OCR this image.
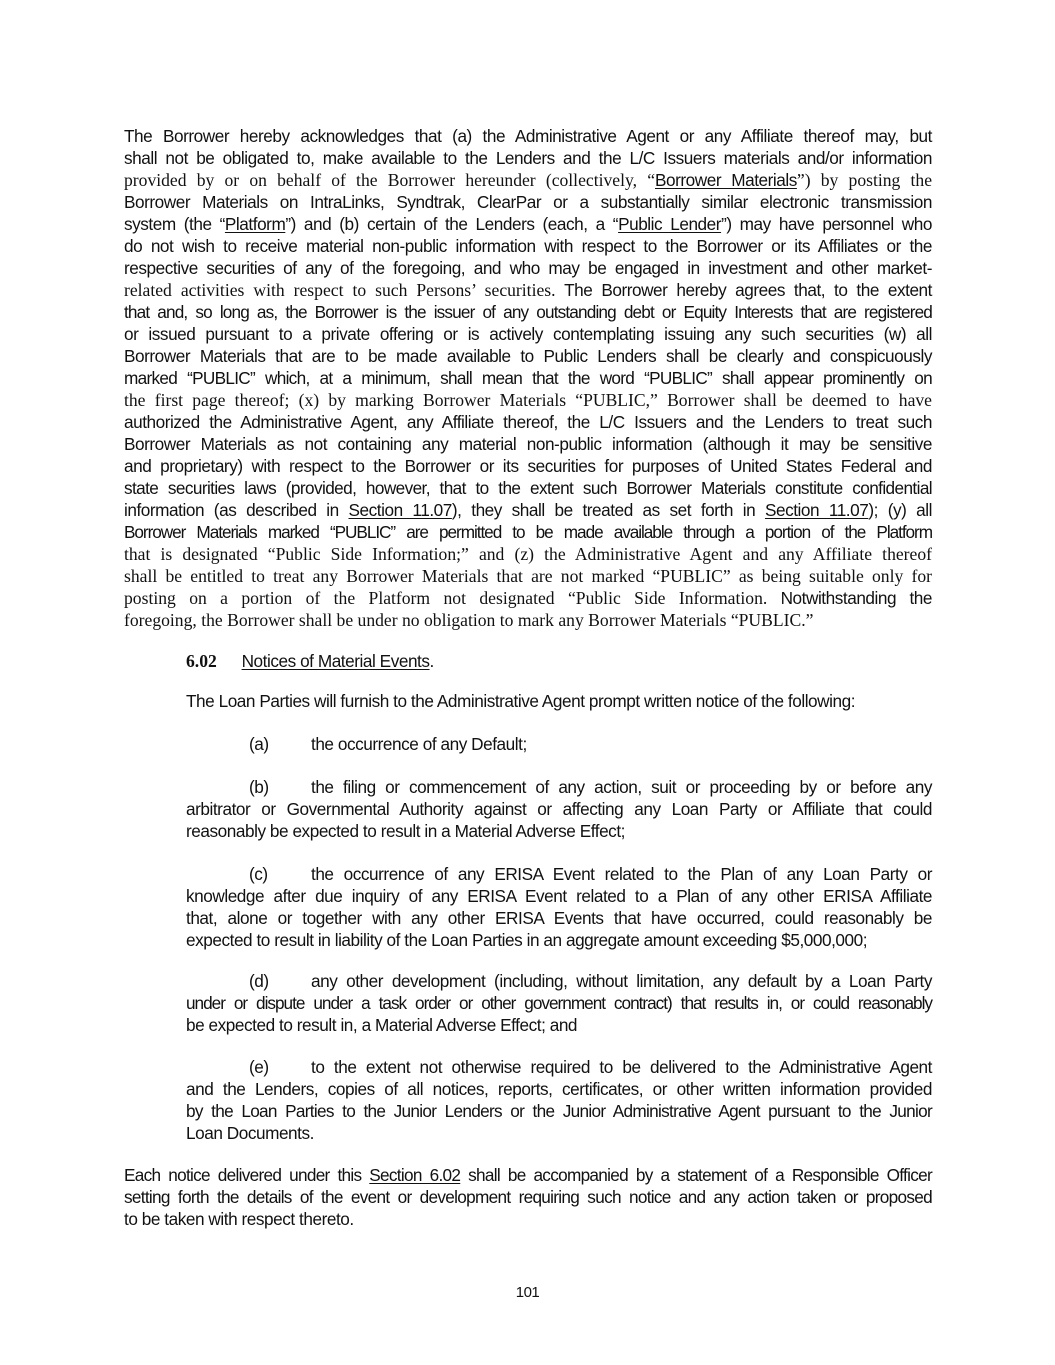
The Borrower hereby acknowledges that (a) the Administrative Agent or any Affiliate thereof may, but
shall not be obligated to, make available to the Lenders and the L/C Issuers materials and/or information
provided by or on behalf of the Borrower hereunder (collectively, “Borrower Materials”) by posting the
Borrower Materials on IntraLinks, Syndtrak, ClearPar or a substantially similar electronic transmission
system (the “Platform”) and (b) certain of the Lenders (each, a “Public Lender”) may have personnel who
do not wish to receive material non-public information with respect to the Borrower or its Affiliates or the
respective securities of any of the foregoing, and who may be engaged in investment and other market-
related activities with respect to such Persons’ securities. The Borrower hereby agrees that, to the extent
that and, so long as, the Borrower is the issuer of any outstanding debt or Equity Interests that are registered
or issued pursuant to a private offering or is actively contemplating issuing any such securities (w) all
Borrower Materials that are to be made available to Public Lenders shall be clearly and conspicuously
marked “PUBLIC” which, at a minimum, shall mean that the word “PUBLIC” shall appear prominently on
the first page thereof; (x) by marking Borrower Materials “PUBLIC,” Borrower shall be deemed to have
authorized the Administrative Agent, any Affiliate thereof, the L/C Issuers and the Lenders to treat such
Borrower Materials as not containing any material non-public information (although it may be sensitive
and proprietary) with respect to the Borrower or its securities for purposes of United States Federal and
state securities laws (provided, however, that to the extent such Borrower Materials constitute confidential
information (as described in Section 11.07), they shall be treated as set forth in Section 11.07); (y) all
Borrower Materials marked “PUBLIC” are permitted to be made available through a portion of the Platform
that is designated “Public Side Information;” and (z) the Administrative Agent and any Affiliate thereof
shall be entitled to treat any Borrower Materials that are not marked “PUBLIC” as being suitable only for
posting on a portion of the Platform not designated “Public Side Information. Notwithstanding the
foregoing, the Borrower shall be under no obligation to mark any Borrower Materials “PUBLIC.”
6.02 Notices of Material Events.
The Loan Parties will furnish to the Administrative Agent prompt written notice of the following:
(a) the occurrence of any Default;
(b) the filing or commencement of any action, suit or proceeding by or before any
arbitrator or Governmental Authority against or affecting any Loan Party or Affiliate that could
reasonably be expected to result in a Material Adverse Effect;
(c)	the occurrence of any ERISA Event related to the Plan of any Loan Party or
knowledge after due inquiry of any ERISA Event related to a Plan of any other ERISA Affiliate
that, alone or together with any other ERISA Events that have occurred, could reasonably be
expected to result in liability of the Loan Parties in an aggregate amount exceeding $5,000,000;
(d) any other development (including, without limitation, any default by a Loan Party
under or dispute under a task order or other government contract) that results in, or could reasonably
be expected to result in, a Material Adverse Effect; and
(e) to the extent not otherwise required to be delivered to the Administrative Agent
and the Lenders, copies of all notices, reports, certificates, or other written information provided
by the Loan Parties to the Junior Lenders or the Junior Administrative Agent pursuant to the Junior
Loan Documents.
Each notice delivered under this Section 6.02 shall be accompanied by a statement of a Responsible Officer
setting forth the details of the event or development requiring such notice and any action taken or proposed
to be taken with respect thereto.
101
